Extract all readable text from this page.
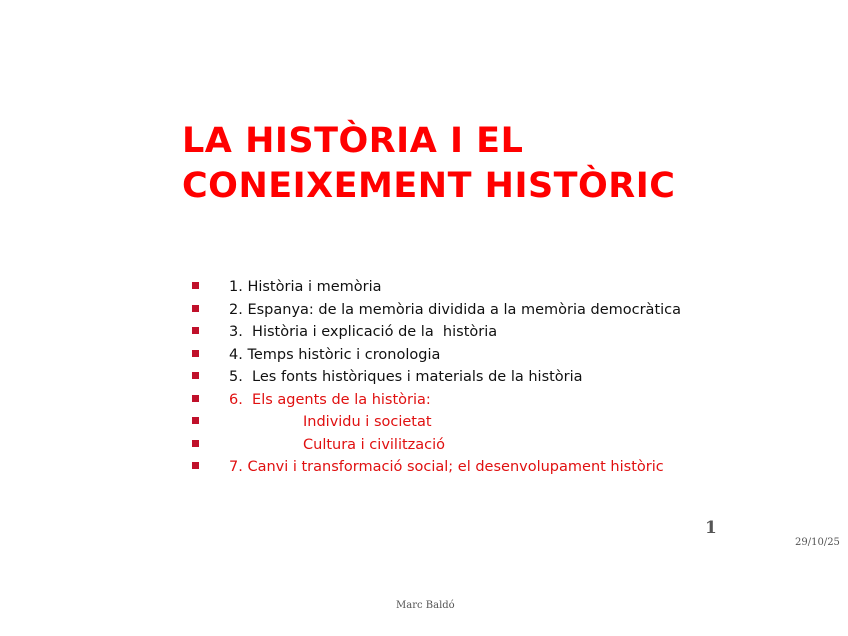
LA HISTÒRIA I EL
CONEIXEMENT HISTÒRIC
1. Història i memòria
2. Espanya: de la memòria dividida a la memòria democràtica
3.  Història i explicació de la  història
4. Temps històric i cronologia
5.  Les fonts històriques i materials de la història
6.  Els agents de la història:
Individu i societat
Cultura i civilització
7. Canvi i transformació social; el desenvolupament històric
1
29/10/25
Marc Baldó
